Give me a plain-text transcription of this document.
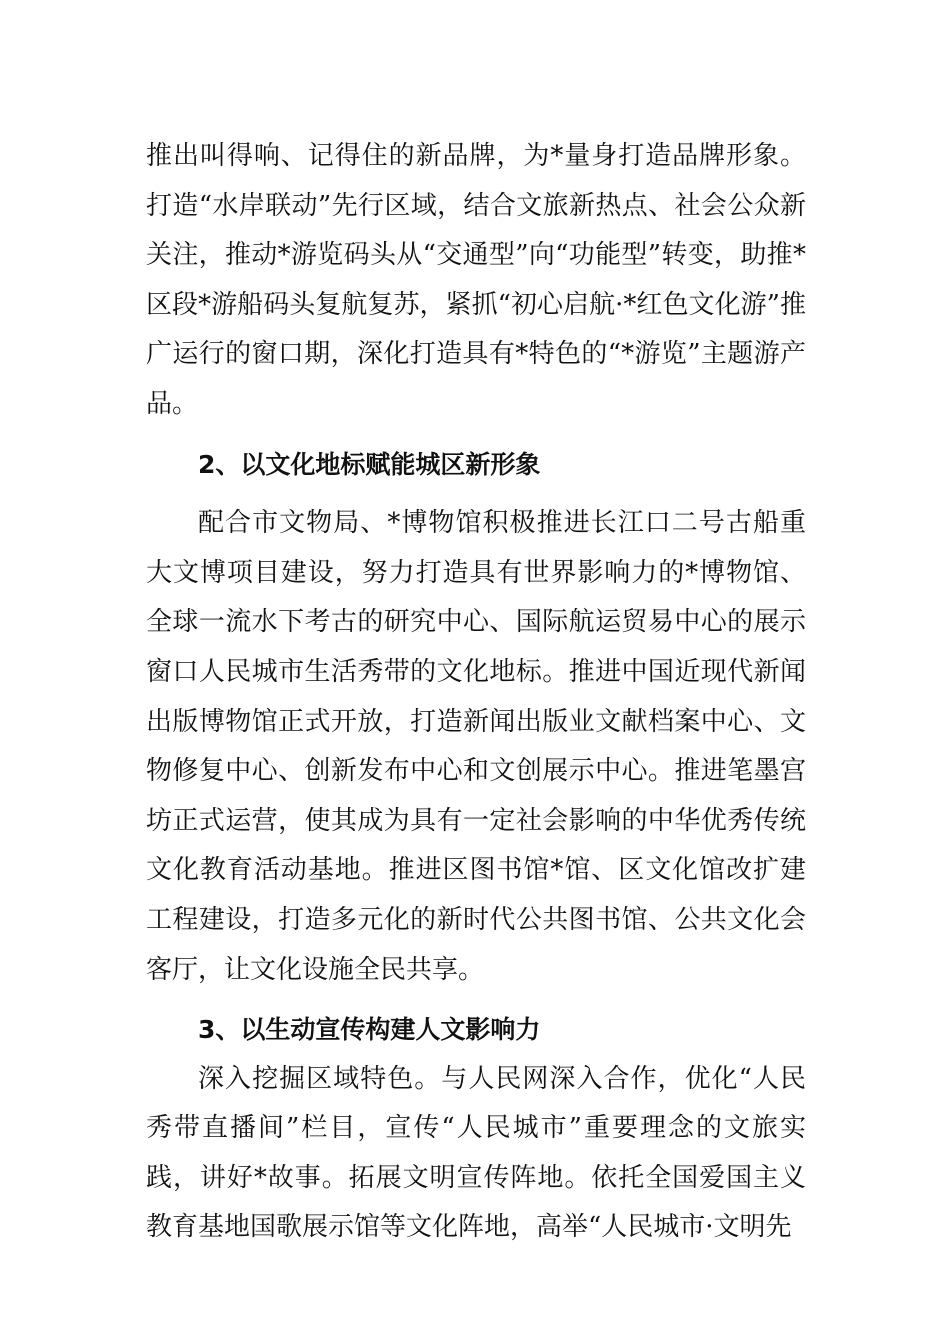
推出叫得响、记得住的新品牌，为*量身打造品牌形象。打造“水岸联动”先行区域，结合文旅新热点、社会公众新关注，推动*游览码头从“交通型”向“功能型”转变，助推*区段*游船码头复航复苏，紧抓“初心启航·*红色文化游”推广运行的窗口期，深化打造具有*特色的“*游览”主题游产品。

2、以文化地标赋能城区新形象

配合市文物局、*博物馆积极推进长江口二号古船重大文博项目建设，努力打造具有世界影响力的*博物馆、全球一流水下考古的研究中心、国际航运贸易中心的展示窗口人民城市生活秀带的文化地标。推进中国近现代新闻出版博物馆正式开放，打造新闻出版业文献档案中心、文物修复中心、创新发布中心和文创展示中心。推进笔墨宫坊正式运营，使其成为具有一定社会影响的中华优秀传统文化教育活动基地。推进区图书馆*馆、区文化馆改扩建工程建设，打造多元化的新时代公共图书馆、公共文化会客厅，让文化设施全民共享。

3、以生动宣传构建人文影响力

深入挖掘区域特色。与人民网深入合作，优化“人民秀带直播间”栏目，宣传“人民城市”重要理念的文旅实践，讲好*故事。拓展文明宣传阵地。依托全国爱国主义教育基地国歌展示馆等文化阵地，高举“人民城市·文明先
